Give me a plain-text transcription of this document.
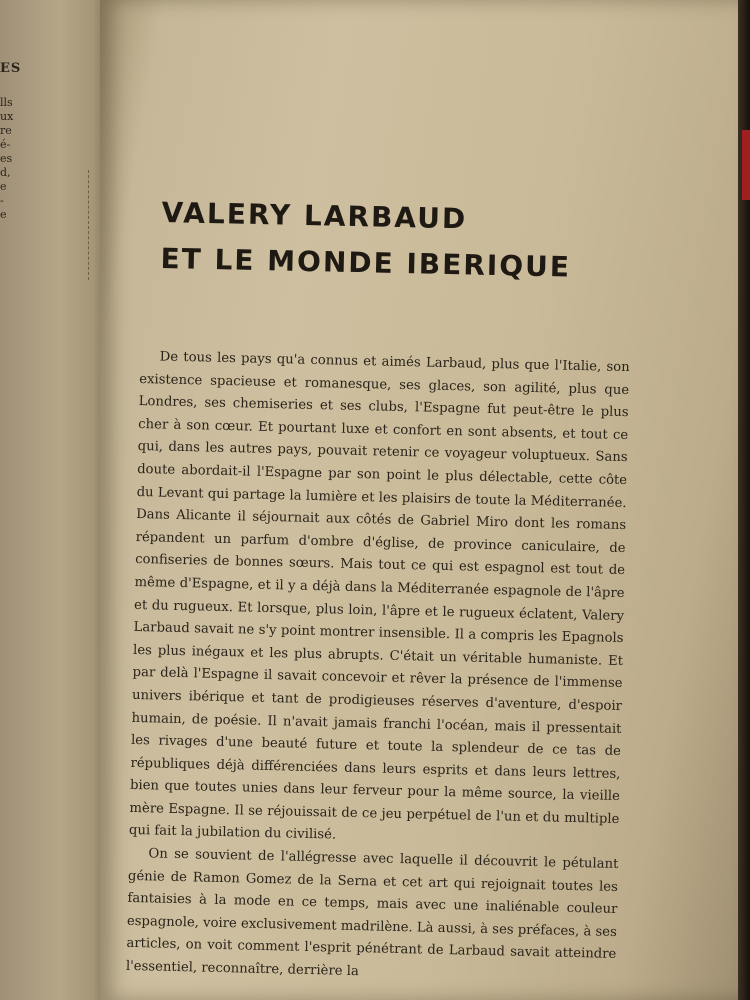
ES
lls
ux
re
é-
es
d,
e
-
e	VALERY LARBAUD
ET LE MONDE IBERIQUE

De tous les pays qu'a connus et aimés Larbaud, plus que l'Italie, son existence spacieuse et romanesque, ses glaces, son agilité, plus que Londres, ses chemiseries et ses clubs, l'Espagne fut peut-être le plus cher à son cœur. Et pourtant luxe et confort en sont absents, et tout ce qui, dans les autres pays, pouvait retenir ce voyageur voluptueux. Sans doute abordait-il l'Espagne par son point le plus délectable, cette côte du Levant qui partage la lumière et les plaisirs de toute la Méditerranée. Dans Alicante il séjournait aux côtés de Gabriel Miro dont les romans répandent un parfum d'ombre d'église, de province caniculaire, de confiseries de bonnes sœurs. Mais tout ce qui est espagnol est tout de même d'Espagne, et il y a déjà dans la Méditerranée espagnole de l'âpre et du rugueux. Et lorsque, plus loin, l'âpre et le rugueux éclatent, Valery Larbaud savait ne s'y point montrer insensible. Il a compris les Epagnols les plus inégaux et les plus abrupts. C'était un véritable humaniste. Et par delà l'Espagne il savait concevoir et rêver la présence de l'immense univers ibérique et tant de prodigieuses réserves d'aventure, d'espoir humain, de poésie. Il n'avait jamais franchi l'océan, mais il pressentait les rivages d'une beauté future et toute la splendeur de ce tas de républiques déjà différenciées dans leurs esprits et dans leurs lettres, bien que toutes unies dans leur ferveur pour la même source, la vieille mère Espagne. Il se réjouissait de ce jeu perpétuel de l'un et du multiple qui fait la jubilation du civilisé.

On se souvient de l'allégresse avec laquelle il découvrit le pétulant génie de Ramon Gomez de la Serna et cet art qui rejoignait toutes les fantaisies à la mode en ce temps, mais avec une inaliénable couleur espagnole, voire exclusivement madrilène. Là aussi, à ses préfaces, à ses articles, on voit comment l'esprit pénétrant de Larbaud savait atteindre l'essentiel, reconnaître, derrière la
